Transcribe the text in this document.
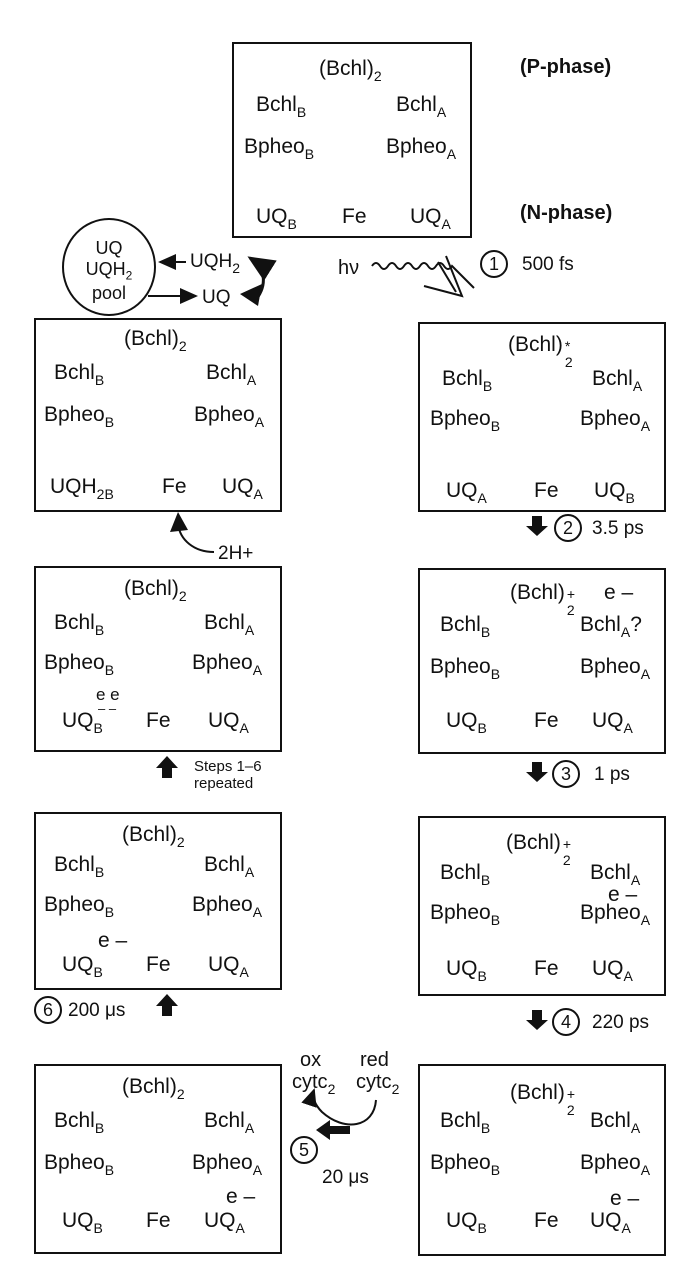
(P-phase)
(N-phase)
$(Bchl)_2$
Bchl$_B$	Bchl$_A$
Bpheo$_B$	Bpheo$_A$
$UQ_B$ Fe $UQ_A$
1	500 fs
hν
UQ
$UQH_2$
pool
$UQH_2$
UQ
$(Bchl)_2$
Bchl$_B$	Bchl$_A$
Bpheo$_B$	Bpheo$_A$
$UQH_{2B}$ Fe $UQ_A$
2H+
(Bchl) *
2
Bchl$_B$	Bchl$_A$
Bpheo$_B$	Bpheo$_A$
$UQ_A$ Fe $UQ_B$
2	3.5 ps
$(Bchl)_2$
Bchl$_B$	Bchl$_A$
Bpheo$_B$	Bpheo$_A$
e e
– –
$UQ_B$ Fe $UQ_A$
Steps 1–6
repeated
(Bchl) +
2
e –
Bchl$_B$	Bchl$_A$?
Bpheo$_B$	Bpheo$_A$
$UQ_B$ Fe $UQ_A$
3	1 ps
$(Bchl)_2$
Bchl$_B$	Bchl$_A$
Bpheo$_B$	Bpheo$_A$
e –
$UQ_B$ Fe $UQ_A$
6 200 μs
(Bchl) +
2
Bchl$_B$	Bchl$_A$
e –
Bpheo$_B$	Bpheo$_A$
$UQ_B$ Fe $UQ_A$
4	220 ps
ox
cytc$_2$
red
cytc$_2$
5
20 μs
$(Bchl)_2$
Bchl$_B$	Bchl$_A$
Bpheo$_B$	Bpheo$_A$
e –
$UQ_B$ Fe $UQ_A$
(Bchl) +
2
Bchl$_B$	Bchl$_A$
Bpheo$_B$	Bpheo$_A$
e –
$UQ_B$ Fe $UQ_A$
